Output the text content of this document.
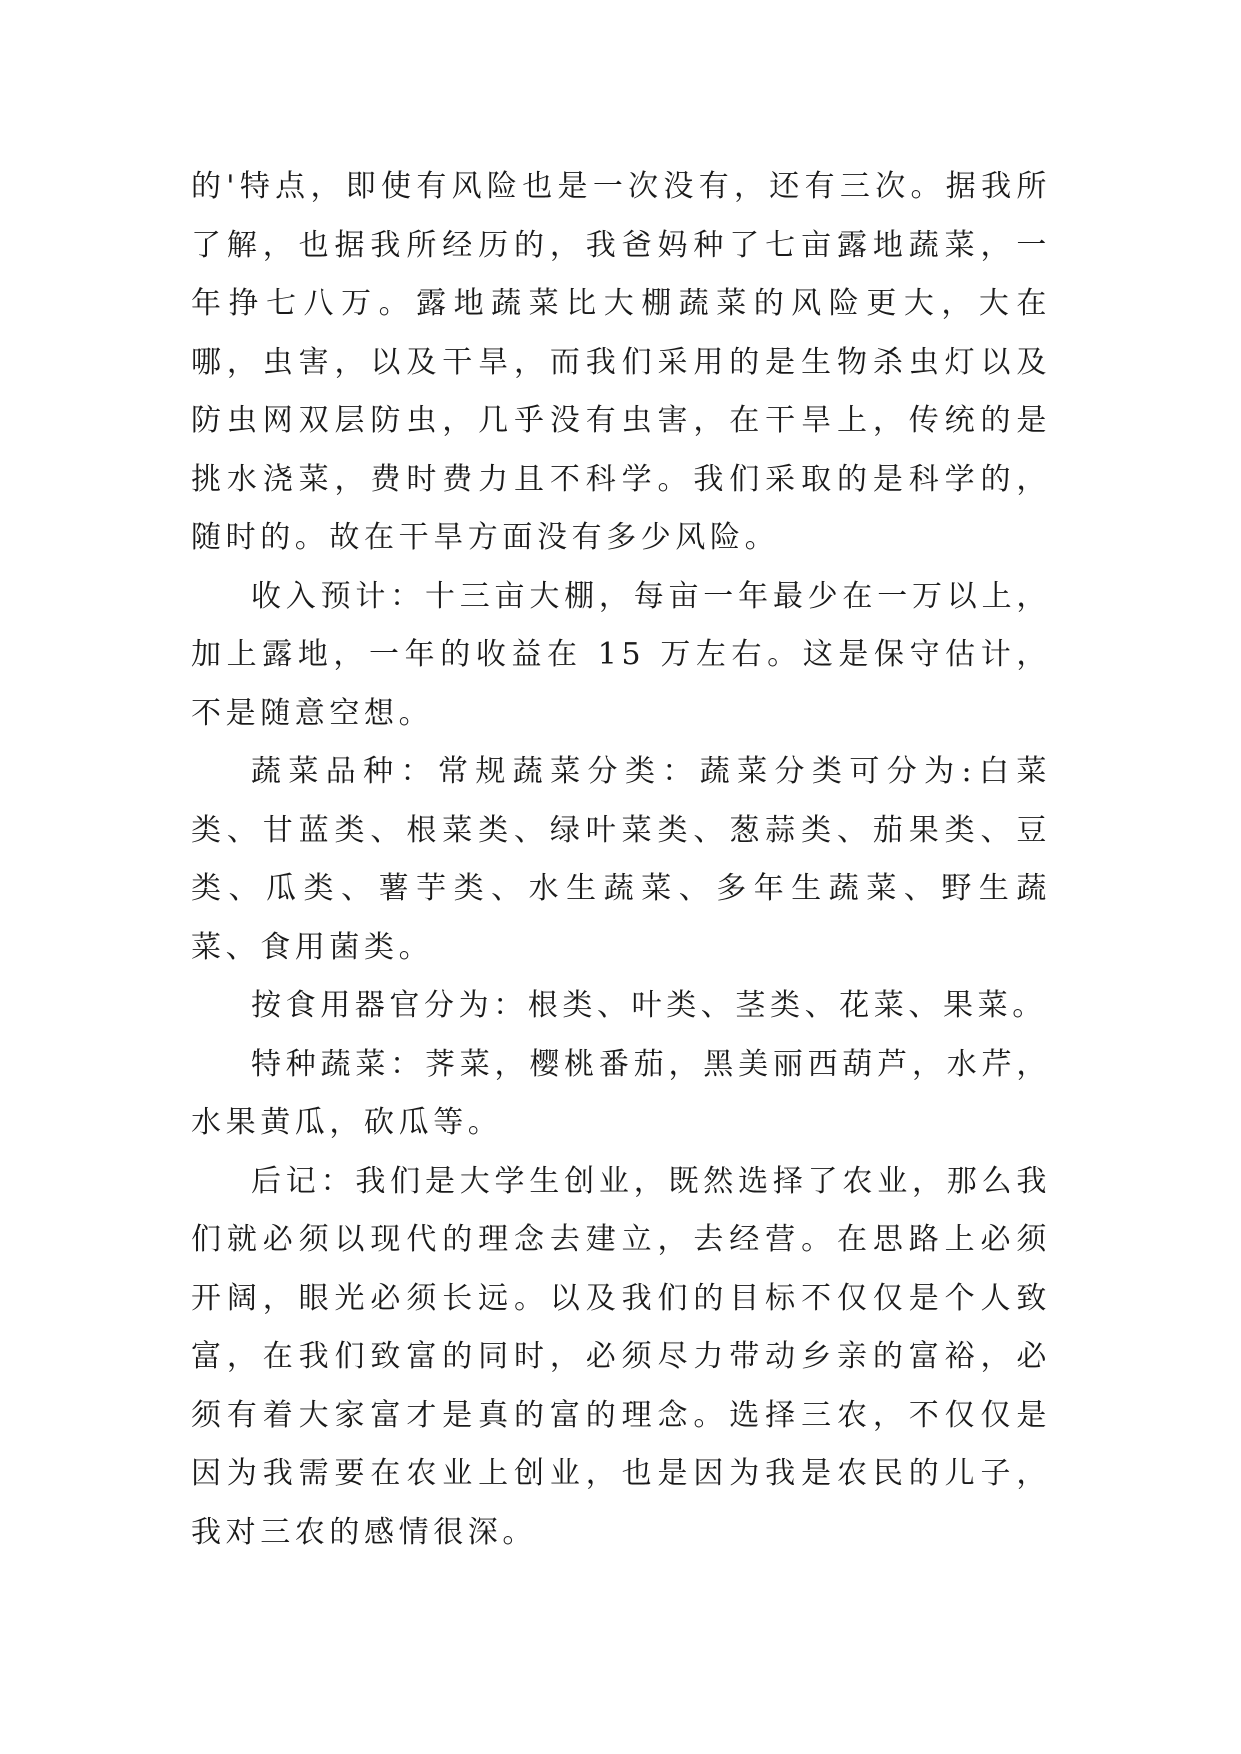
的'特点，即使有风险也是一次没有，还有三次。据我所了解，也据我所经历的，我爸妈种了七亩露地蔬菜，一年挣七八万。露地蔬菜比大棚蔬菜的风险更大，大在哪，虫害，以及干旱，而我们采用的是生物杀虫灯以及防虫网双层防虫，几乎没有虫害，在干旱上，传统的是挑水浇菜，费时费力且不科学。我们采取的是科学的，随时的。故在干旱方面没有多少风险。

收入预计：十三亩大棚，每亩一年最少在一万以上，加上露地，一年的收益在 15 万左右。这是保守估计，不是随意空想。

蔬菜品种：常规蔬菜分类：蔬菜分类可分为:白菜类、甘蓝类、根菜类、绿叶菜类、葱蒜类、茄果类、豆类、瓜类、薯芋类、水生蔬菜、多年生蔬菜、野生蔬菜、食用菌类。

按食用器官分为：根类、叶类、茎类、花菜、果菜。

特种蔬菜：荠菜，樱桃番茄，黑美丽西葫芦，水芹，水果黄瓜，砍瓜等。

后记：我们是大学生创业，既然选择了农业，那么我们就必须以现代的理念去建立，去经营。在思路上必须开阔，眼光必须长远。以及我们的目标不仅仅是个人致富，在我们致富的同时，必须尽力带动乡亲的富裕，必须有着大家富才是真的富的理念。选择三农，不仅仅是因为我需要在农业上创业，也是因为我是农民的儿子，我对三农的感情很深。
